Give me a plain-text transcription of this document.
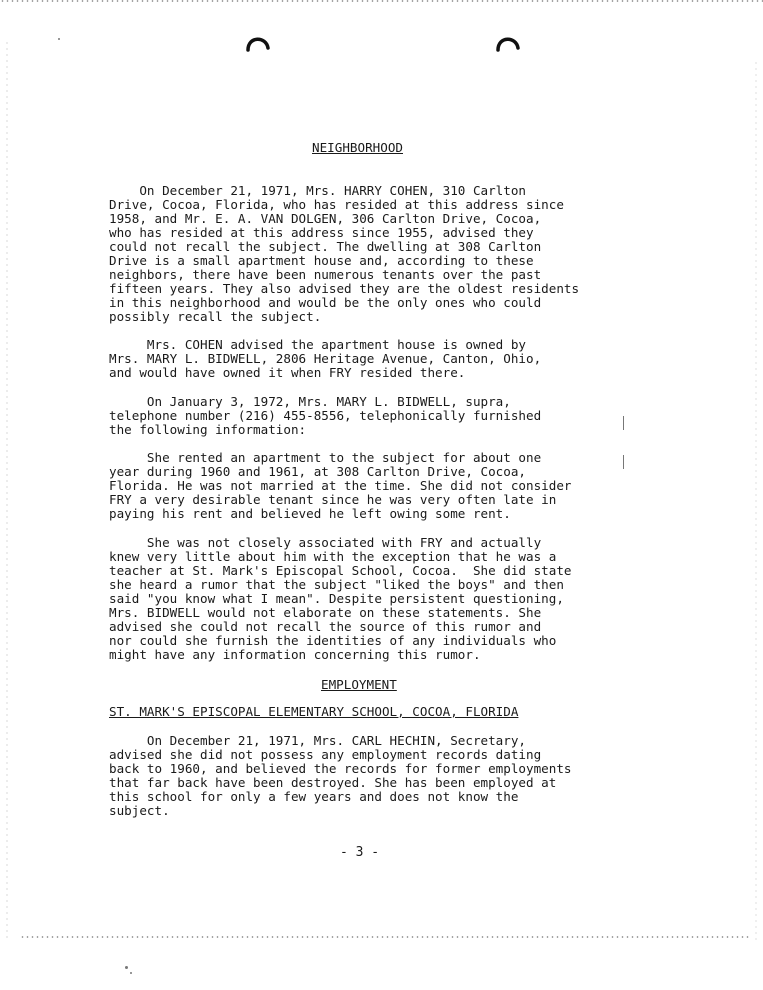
NEIGHBORHOOD

On December 21, 1971, Mrs. HARRY COHEN, 310 Carlton

Drive, Cocoa, Florida, who has resided at this address since

1958, and Mr. E. A. VAN DOLGEN, 306 Carlton Drive, Cocoa,

who has resided at this address since 1955, advised they

could not recall the subject. The dwelling at 308 Carlton

Drive is a small apartment house and, according to these

neighbors, there have been numerous tenants over the past

fifteen years. They also advised they are the oldest residents

in this neighborhood and would be the only ones who could

possibly recall the subject.

Mrs. COHEN advised the apartment house is owned by

Mrs. MARY L. BIDWELL, 2806 Heritage Avenue, Canton, Ohio,

and would have owned it when FRY resided there.

On January 3, 1972, Mrs. MARY L. BIDWELL, supra,

telephone number (216) 455-8556, telephonically furnished

the following information:

She rented an apartment to the subject for about one

year during 1960 and 1961, at 308 Carlton Drive, Cocoa,

Florida. He was not married at the time. She did not consider

FRY a very desirable tenant since he was very often late in

paying his rent and believed he left owing some rent.

She was not closely associated with FRY and actually

knew very little about him with the exception that he was a

teacher at St. Mark's Episcopal School, Cocoa.  She did state

she heard a rumor that the subject "liked the boys" and then

said "you know what I mean". Despite persistent questioning,

Mrs. BIDWELL would not elaborate on these statements. She

advised she could not recall the source of this rumor and

nor could she furnish the identities of any individuals who

might have any information concerning this rumor.

EMPLOYMENT

ST. MARK'S EPISCOPAL ELEMENTARY SCHOOL, COCOA, FLORIDA

On December 21, 1971, Mrs. CARL HECHIN, Secretary,

advised she did not possess any employment records dating

back to 1960, and believed the records for former employments

that far back have been destroyed. She has been employed at

this school for only a few years and does not know the

subject.

- 3 -
